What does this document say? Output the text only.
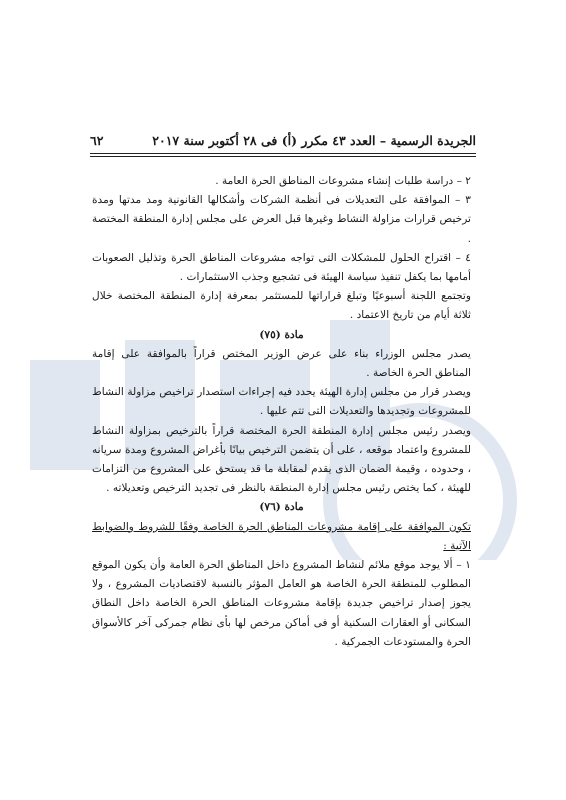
الجريدة الرسمية – العدد ٤٣ مكرر (أ) فى ٢٨ أكتوبر سنة ٢٠١٧
٦٢

٢ – دراسة طلبات إنشاء مشروعات المناطق الحرة العامة .

٣ – الموافقة على التعديلات فى أنظمة الشركات وأشكالها القانونية ومد مدتها ومدة ترخيص قرارات مزاولة النشاط وغيرها قبل العرض على مجلس إدارة المنطقة المختصة .

٤ – اقتراح الحلول للمشكلات التى تواجه مشروعات المناطق الحرة وتذليل الصعوبات أمامها بما يكفل تنفيذ سياسة الهيئة فى تشجيع وجذب الاستثمارات .

وتجتمع اللجنة أسبوعيًا وتبلغ قراراتها للمستثمر بمعرفة إدارة المنطقة المختصة خلال ثلاثة أيام من تاريخ الاعتماد .

مادة (٧٥)

يصدر مجلس الوزراء بناء على عرض الوزير المختص قراراً بالموافقة على إقامة المناطق الحرة الخاصة .

ويصدر قرار من مجلس إدارة الهيئة يحدد فيه إجراءات استصدار تراخيص مزاولة النشاط للمشروعات وتجديدها والتعديلات التى تتم عليها .

ويصدر رئيس مجلس إدارة المنطقة الحرة المختصة قراراً بالترخيص بمزاولة النشاط للمشروع واعتماد موقعه ، على أن يتضمن الترخيص بيانًا بأغراض المشروع ومدة سريانه ، وحدوده ، وقيمة الضمان الذى يقدم لمقابلة ما قد يستحق على المشروع من التزامات للهيئة ، كما يختص رئيس مجلس إدارة المنطقة بالنظر فى تجديد الترخيص وتعديلاته .

مادة (٧٦)

تكون الموافقة على إقامة مشروعات المناطق الحرة الخاصة وفقًا للشروط والضوابط الآتية :

١ – ألا يوجد موقع ملائم لنشاط المشروع داخل المناطق الحرة العامة وأن يكون الموقع المطلوب للمنطقة الحرة الخاصة هو العامل المؤثر بالنسبة لاقتصاديات المشروع ، ولا يجوز إصدار تراخيص جديدة بإقامة مشروعات المناطق الحرة الخاصة داخل النطاق السكانى أو العقارات السكنية أو فى أماكن مرخص لها بأى نظام جمركى آخر كالأسواق الحرة والمستودعات الجمركية .
